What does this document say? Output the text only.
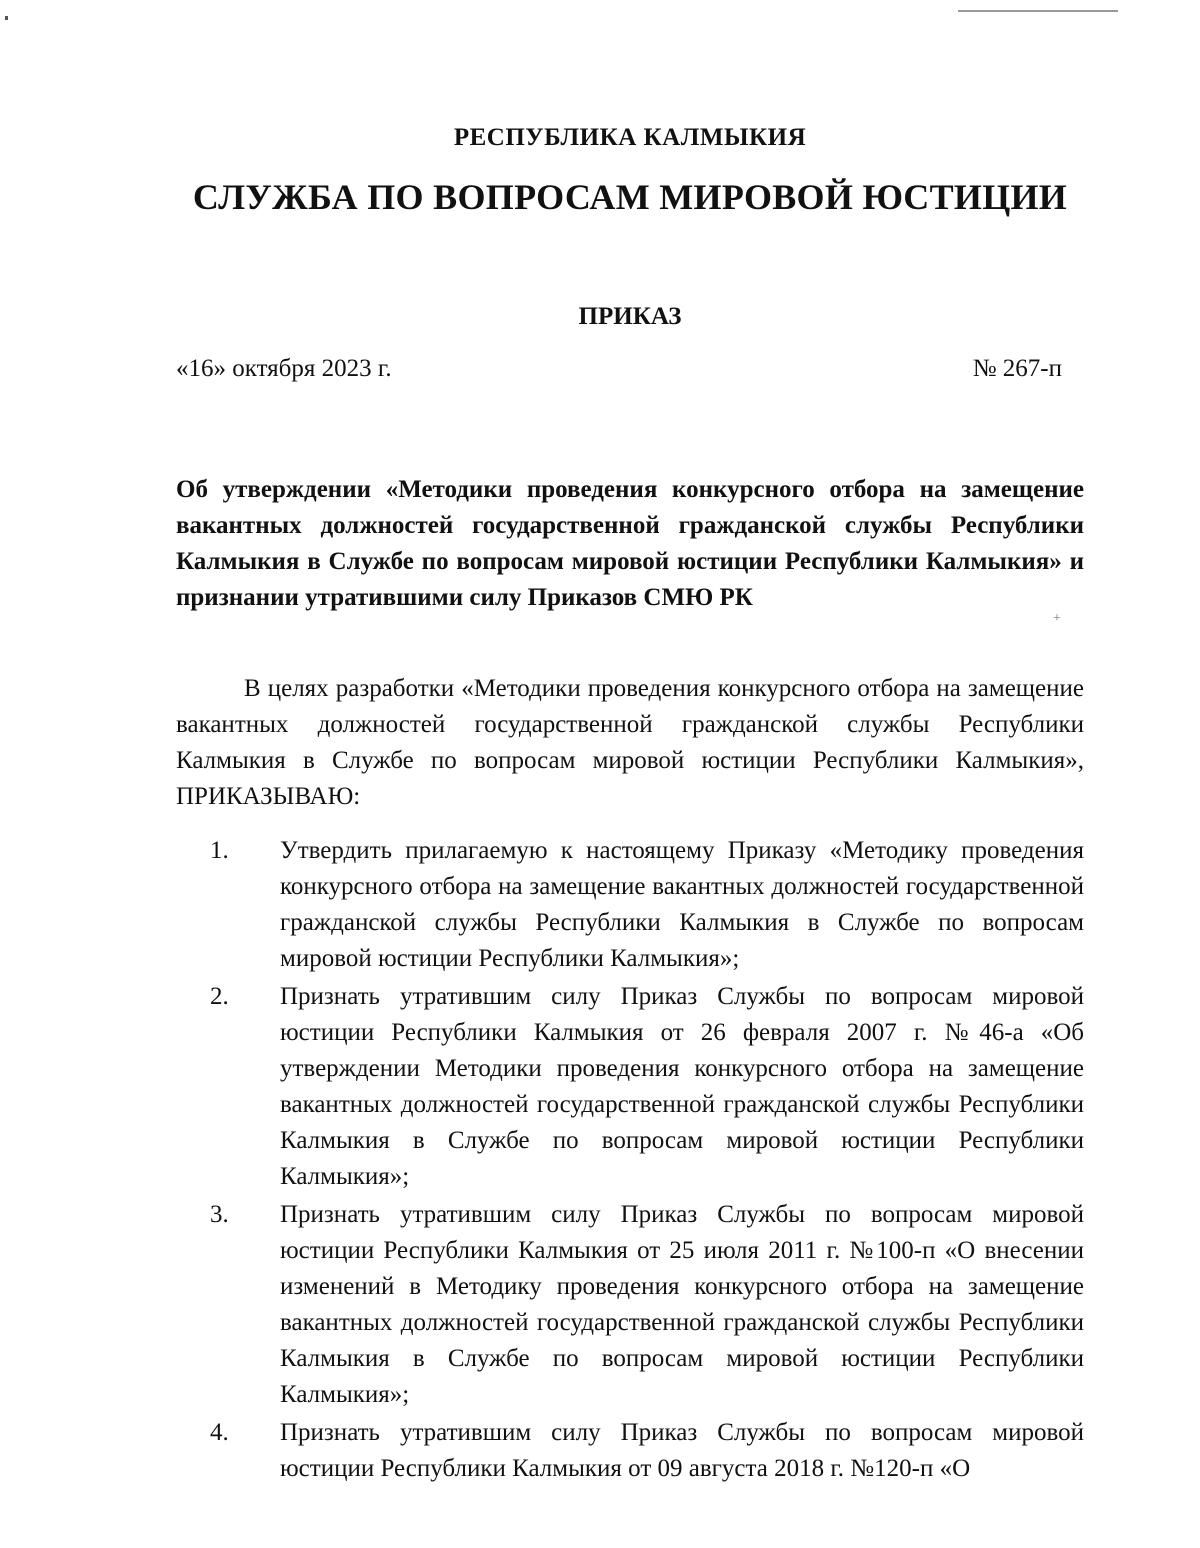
+
РЕСПУБЛИКА КАЛМЫКИЯ
СЛУЖБА ПО ВОПРОСАМ МИРОВОЙ ЮСТИЦИИ
ПРИКАЗ
«16» октября 2023 г.	№ 267-п
Об утверждении «Методики проведения конкурсного отбора на замещение вакантных должностей государственной гражданской службы Республики Калмыкия в Службе по вопросам мировой юстиции Республики Калмыкия» и признании утратившими силу Приказов СМЮ РК
В целях разработки «Методики проведения конкурсного отбора на замещение вакантных должностей государственной гражданской службы Республики Калмыкия в Службе по вопросам мировой юстиции Республики Калмыкия», ПРИКАЗЫВАЮ:
1. Утвердить прилагаемую к настоящему Приказу «Методику проведения конкурсного отбора на замещение вакантных должностей государственной гражданской службы Республики Калмыкия в Службе по вопросам мировой юстиции Республики Калмыкия»;
2. Признать утратившим силу Приказ Службы по вопросам мировой юстиции Республики Калмыкия от 26 февраля 2007 г. №46-а «Об утверждении Методики проведения конкурсного отбора на замещение вакантных должностей государственной гражданской службы Республики Калмыкия в Службе по вопросам мировой юстиции Республики Калмыкия»;
3. Признать утратившим силу Приказ Службы по вопросам мировой юстиции Республики Калмыкия от 25 июля 2011 г. №100-п «О внесении изменений в Методику проведения конкурсного отбора на замещение вакантных должностей государственной гражданской службы Республики Калмыкия в Службе по вопросам мировой юстиции Республики Калмыкия»;
4. Признать утратившим силу Приказ Службы по вопросам мировой юстиции Республики Калмыкия от 09 августа 2018 г. №120-п «О
